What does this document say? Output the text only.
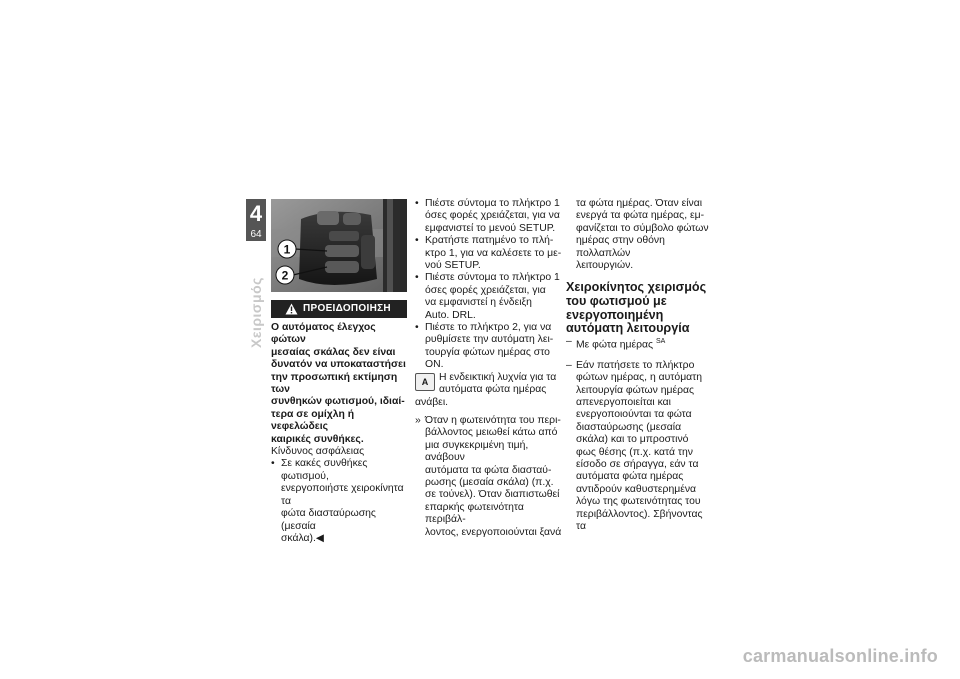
4
64
Χειρισμός
1
2
ΠΡΟΕΙΔΟΠΟΙΗΣΗ

Ο αυτόματος έλεγχος φώτων
μεσαίας σκάλας δεν είναι
δυνατόν να υποκαταστήσει
την προσωπική εκτίμηση των
συνθηκών φωτισμού, ιδιαί-
τερα σε ομίχλη ή νεφελώδεις
καιρικές συνθήκες.

Κίνδυνος ασφάλειας

• Σε κακές συνθήκες φωτισμού,
ενεργοποιήστε χειροκίνητα τα
φώτα διασταύρωσης (μεσαία
σκάλα).◀
• Πιέστε σύντομα το πλήκτρο 1
όσες φορές χρειάζεται, για να
εμφανιστεί το μενού SETUP.
• Κρατήστε πατημένο το πλή-
κτρο 1, για να καλέσετε το με-
νού SETUP.
• Πιέστε σύντομα το πλήκτρο 1
όσες φορές χρειάζεται, για
να εμφανιστεί η ένδειξη
Auto. DRL.
• Πιέστε το πλήκτρο 2, για να
ρυθμίσετε την αυτόματη λει-
τουργία φώτων ημέρας στο
ON.
A	Η ενδεικτική λυχνία για τα
αυτόματα φώτα ημέρας

ανάβει.

» Όταν η φωτεινότητα του περι-
βάλλοντος μειωθεί κάτω από
μια συγκεκριμένη τιμή, ανάβουν
αυτόματα τα φώτα διασταύ-
ρωσης (μεσαία σκάλα) (π.χ.
σε τούνελ). Όταν διαπιστωθεί
επαρκής φωτεινότητα περιβάλ-
λοντος, ενεργοποιούνται ξανά
τα φώτα ημέρας. Όταν είναι
ενεργά τα φώτα ημέρας, εμ-
φανίζεται το σύμβολο φώτων
ημέρας στην οθόνη πολλαπλών
λειτουργιών.
Χειροκίνητος χειρισμός
του φωτισμού με
ενεργοποιημένη
αυτόματη λειτουργία
– Με φώτα ημέρας $^{SA}$
– Εάν πατήσετε το πλήκτρο
φώτων ημέρας, η αυτόματη
λειτουργία φώτων ημέρας
απενεργοποιείται και
ενεργοποιούνται τα φώτα
διασταύρωσης (μεσαία
σκάλα) και το μπροστινό
φως θέσης (π.χ. κατά την
είσοδο σε σήραγγα, εάν τα
αυτόματα φώτα ημέρας
αντιδρούν καθυστερημένα
λόγω της φωτεινότητας του
περιβάλλοντος). Σβήνοντας τα
carmanualsonline.info
